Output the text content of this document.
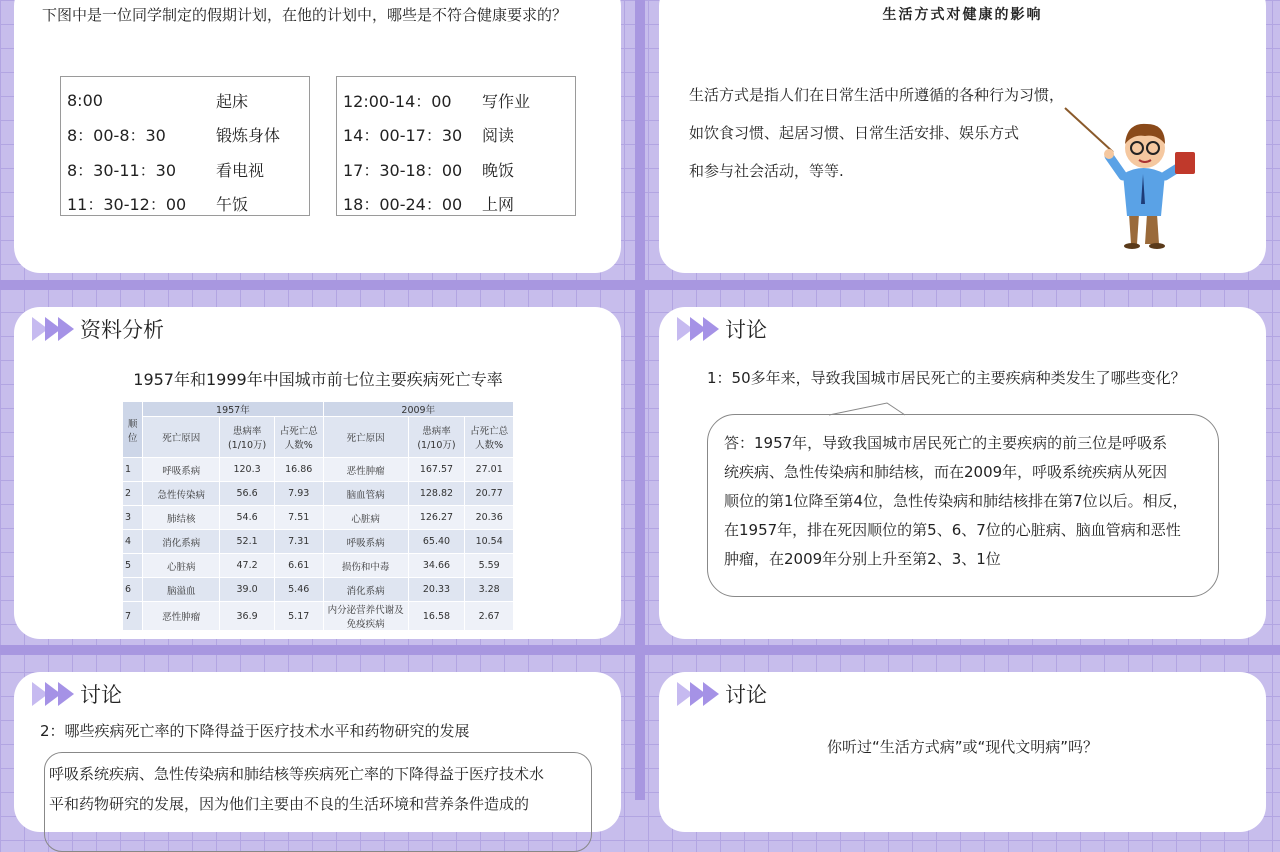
下图中是一位同学制定的假期计划，在他的计划中，哪些是不符合健康要求的？
8:00	起床
8：00-8：30	锻炼身体
8：30-11：30	看电视
11：30-12：00	午饭
12:00-14：00	写作业
14：00-17：30	阅读
17：30-18：00	晚饭
18：00-24：00	上网
生活方式对健康的影响
生活方式是指人们在日常生活中所遵循的各种行为习惯，
如饮食习惯、起居习惯、日常生活安排、娱乐方式
和参与社会活动，等等.
资料分析
1957年和1999年中国城市前七位主要疾病死亡专率
顺位	1957年			2009年		
	死亡原因	患病率(1/10万)	占死亡总人数%	死亡原因	患病率(1/10万)	占死亡总人数%
1	呼吸系病	120.3	16.86	恶性肿瘤	167.57	27.01
2	急性传染病	56.6	7.93	脑血管病	128.82	20.77
3	肺结核	54.6	7.51	心脏病	126.27	20.36
4	消化系病	52.1	7.31	呼吸系病	65.40	10.54
5	心脏病	47.2	6.61	损伤和中毒	34.66	5.59
6	脑溢血	39.0	5.46	消化系病	20.33	3.28
7	恶性肿瘤	36.9	5.17	内分泌营养代谢及免疫疾病	16.58	2.67
讨论
1：50多年来，导致我国城市居民死亡的主要疾病种类发生了哪些变化？
答：1957年，导致我国城市居民死亡的主要疾病的前三位是呼吸系
统疾病、急性传染病和肺结核，而在2009年，呼吸系统疾病从死因
顺位的第1位降至第4位，急性传染病和肺结核排在第7位以后。相反，
在1957年，排在死因顺位的第5、6、7位的心脏病、脑血管病和恶性
肿瘤，在2009年分别上升至第2、3、1位
讨论
2：哪些疾病死亡率的下降得益于医疗技术水平和药物研究的发展
呼吸系统疾病、急性传染病和肺结核等疾病死亡率的下降得益于医疗技术水
平和药物研究的发展，因为他们主要由不良的生活环境和营养条件造成的
讨论
你听过“生活方式病”或“现代文明病”吗？
